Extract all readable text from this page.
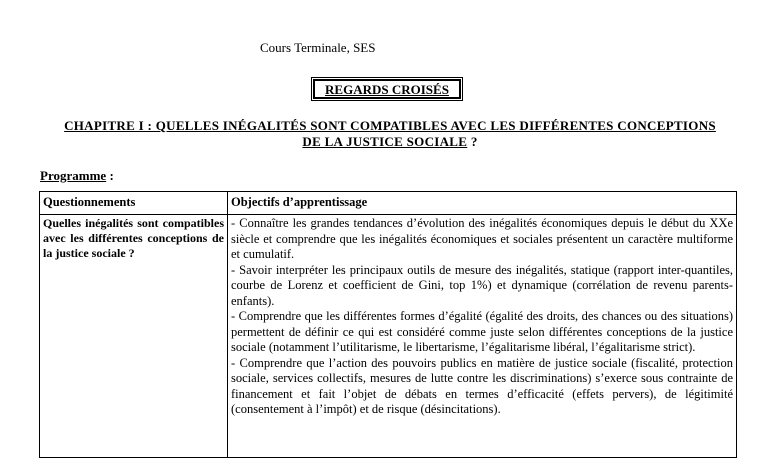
Cours Terminale, SES
REGARDS CROISÉS
CHAPITRE I : QUELLES INÉGALITÉS SONT COMPATIBLES AVEC LES DIFFÉRENTES CONCEPTIONS DE LA JUSTICE SOCIALE ?
Programme :
Questionnements	Objectifs d’apprentissage
Quelles inégalités sont compatibles avec les différentes conceptions de la justice sociale ?	- Connaître les grandes tendances d’évolution des inégalités économiques depuis le début du XXe siècle et comprendre que les inégalités économiques et sociales présentent un caractère multiforme et cumulatif.

- Savoir interpréter les principaux outils de mesure des inégalités, statique (rapport inter-quantiles, courbe de Lorenz et coefficient de Gini, top 1%) et dynamique (corrélation de revenu parents-enfants).

- Comprendre que les différentes formes d’égalité (égalité des droits, des chances ou des situations) permettent de définir ce qui est considéré comme juste selon différentes conceptions de la justice sociale (notamment l’utilitarisme, le libertarisme, l’égalitarisme libéral, l’égalitarisme strict).

- Comprendre que l’action des pouvoirs publics en matière de justice sociale (fiscalité, protection sociale, services collectifs, mesures de lutte contre les discriminations) s’exerce sous contrainte de financement et fait l’objet de débats en termes d’efficacité (effets pervers), de légitimité (consentement à l’impôt) et de risque (désincitations).
